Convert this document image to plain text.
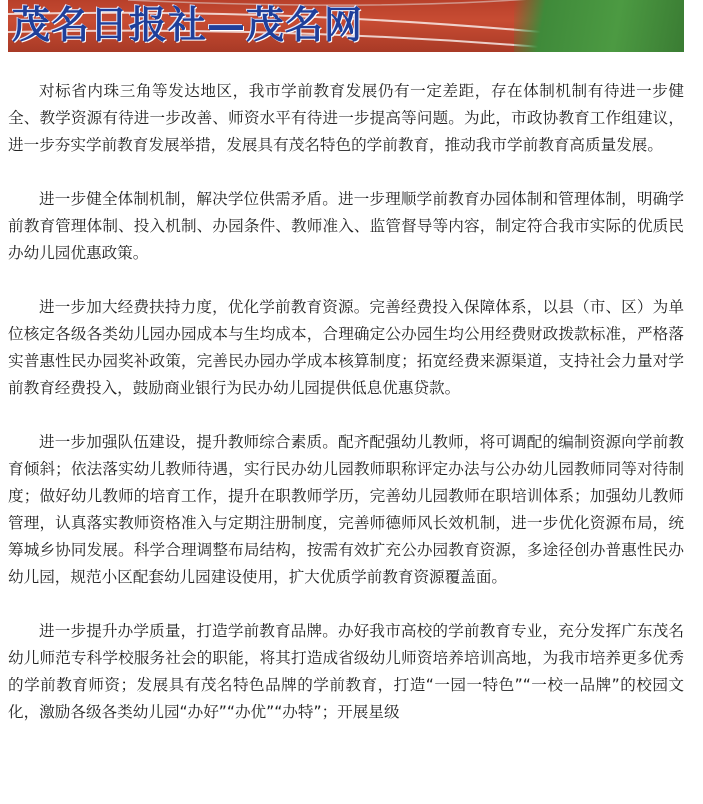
茂名日报社—茂名网

对标省内珠三角等发达地区，我市学前教育发展仍有一定差距，存在体制机制有待进一步健全、教学资源有待进一步改善、师资水平有待进一步提高等问题。为此，市政协教育工作组建议，进一步夯实学前教育发展举措，发展具有茂名特色的学前教育，推动我市学前教育高质量发展。

进一步健全体制机制，解决学位供需矛盾。进一步理顺学前教育办园体制和管理体制，明确学前教育管理体制、投入机制、办园条件、教师准入、监管督导等内容，制定符合我市实际的优质民办幼儿园优惠政策。

进一步加大经费扶持力度，优化学前教育资源。完善经费投入保障体系，以县（市、区）为单位核定各级各类幼儿园办园成本与生均成本，合理确定公办园生均公用经费财政拨款标准，严格落实普惠性民办园奖补政策，完善民办园办学成本核算制度；拓宽经费来源渠道，支持社会力量对学前教育经费投入，鼓励商业银行为民办幼儿园提供低息优惠贷款。

进一步加强队伍建设，提升教师综合素质。配齐配强幼儿教师，将可调配的编制资源向学前教育倾斜；依法落实幼儿教师待遇，实行民办幼儿园教师职称评定办法与公办幼儿园教师同等对待制度；做好幼儿教师的培育工作，提升在职教师学历，完善幼儿园教师在职培训体系；加强幼儿教师管理，认真落实教师资格准入与定期注册制度，完善师德师风长效机制，进一步优化资源布局，统筹城乡协同发展。科学合理调整布局结构，按需有效扩充公办园教育资源，多途径创办普惠性民办幼儿园，规范小区配套幼儿园建设使用，扩大优质学前教育资源覆盖面。

进一步提升办学质量，打造学前教育品牌。办好我市高校的学前教育专业，充分发挥广东茂名幼儿师范专科学校服务社会的职能，将其打造成省级幼儿师资培养培训高地，为我市培养更多优秀的学前教育师资；发展具有茂名特色品牌的学前教育，打造“一园一特色”“一校一品牌”的校园文化，激励各级各类幼儿园“办好”“办优”“办特”；开展星级
